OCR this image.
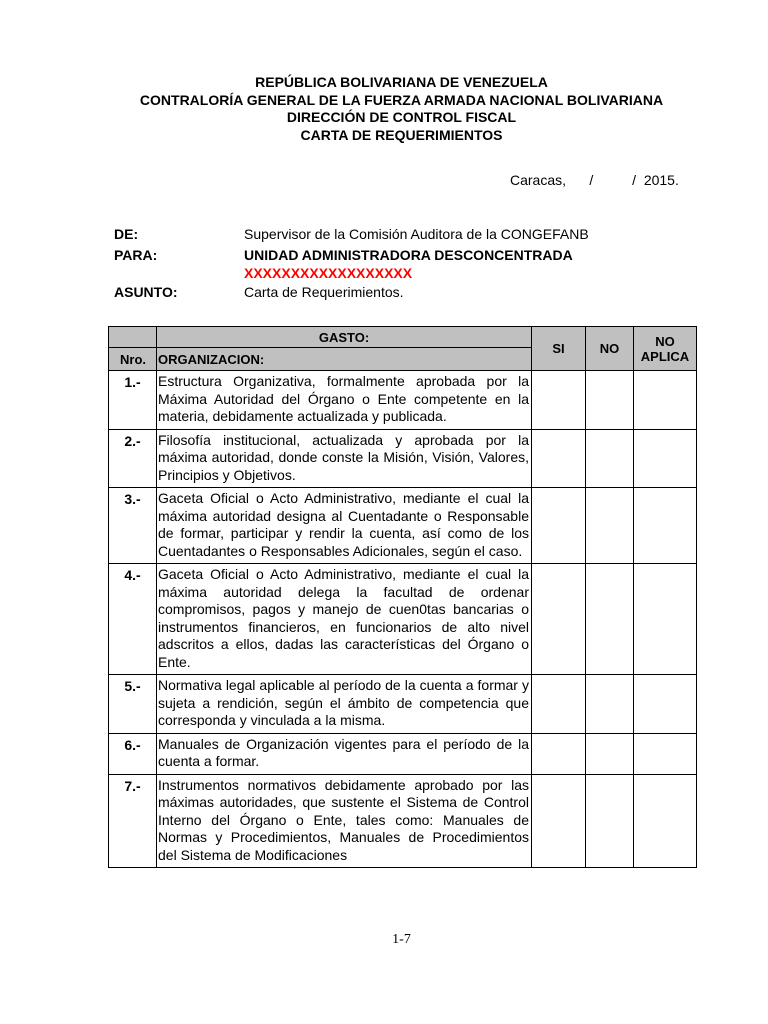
REPÚBLICA BOLIVARIANA DE VENEZUELA
CONTRALORÍA GENERAL DE LA FUERZA ARMADA NACIONAL BOLIVARIANA
DIRECCIÓN DE CONTROL FISCAL
CARTA DE REQUERIMIENTOS
Caracas,      /          /  2015.
DE:	Supervisor de la Comisión Auditora de la CONGEFANB
PARA:	UNIDAD ADMINISTRADORA DESCONCENTRADA
XXXXXXXXXXXXXXXXXX
ASUNTO:	Carta de Requerimientos.
	GASTO:	SI	NO	NO APLICA
Nro.	ORGANIZACION:			
1.-	Estructura Organizativa, formalmente aprobada por la Máxima Autoridad del Órgano o Ente competente en la materia, debidamente actualizada y publicada.			
2.-	Filosofía institucional, actualizada y aprobada por la máxima autoridad, donde conste la Misión, Visión, Valores, Principios y Objetivos.			
3.-	Gaceta Oficial o Acto Administrativo, mediante el cual la máxima autoridad designa al Cuentadante o Responsable de formar, participar y rendir la cuenta, así como de los Cuentadantes o Responsables Adicionales, según el caso.			
4.-	Gaceta Oficial o Acto Administrativo, mediante el cual la máxima autoridad delega la facultad de ordenar compromisos, pagos y manejo de cuen0tas bancarias o instrumentos financieros, en funcionarios de alto nivel adscritos a ellos, dadas las características del Órgano o Ente.			
5.-	Normativa legal aplicable al período de la cuenta a formar y sujeta a rendición, según el ámbito de competencia que corresponda y vinculada a la misma.			
6.-	Manuales de Organización vigentes para el período de la cuenta a formar.			
7.-	Instrumentos normativos debidamente aprobado por las máximas autoridades, que sustente el Sistema de Control Interno del Órgano o Ente, tales como: Manuales de Normas y Procedimientos, Manuales de Procedimientos del Sistema de Modificaciones			
1-7
